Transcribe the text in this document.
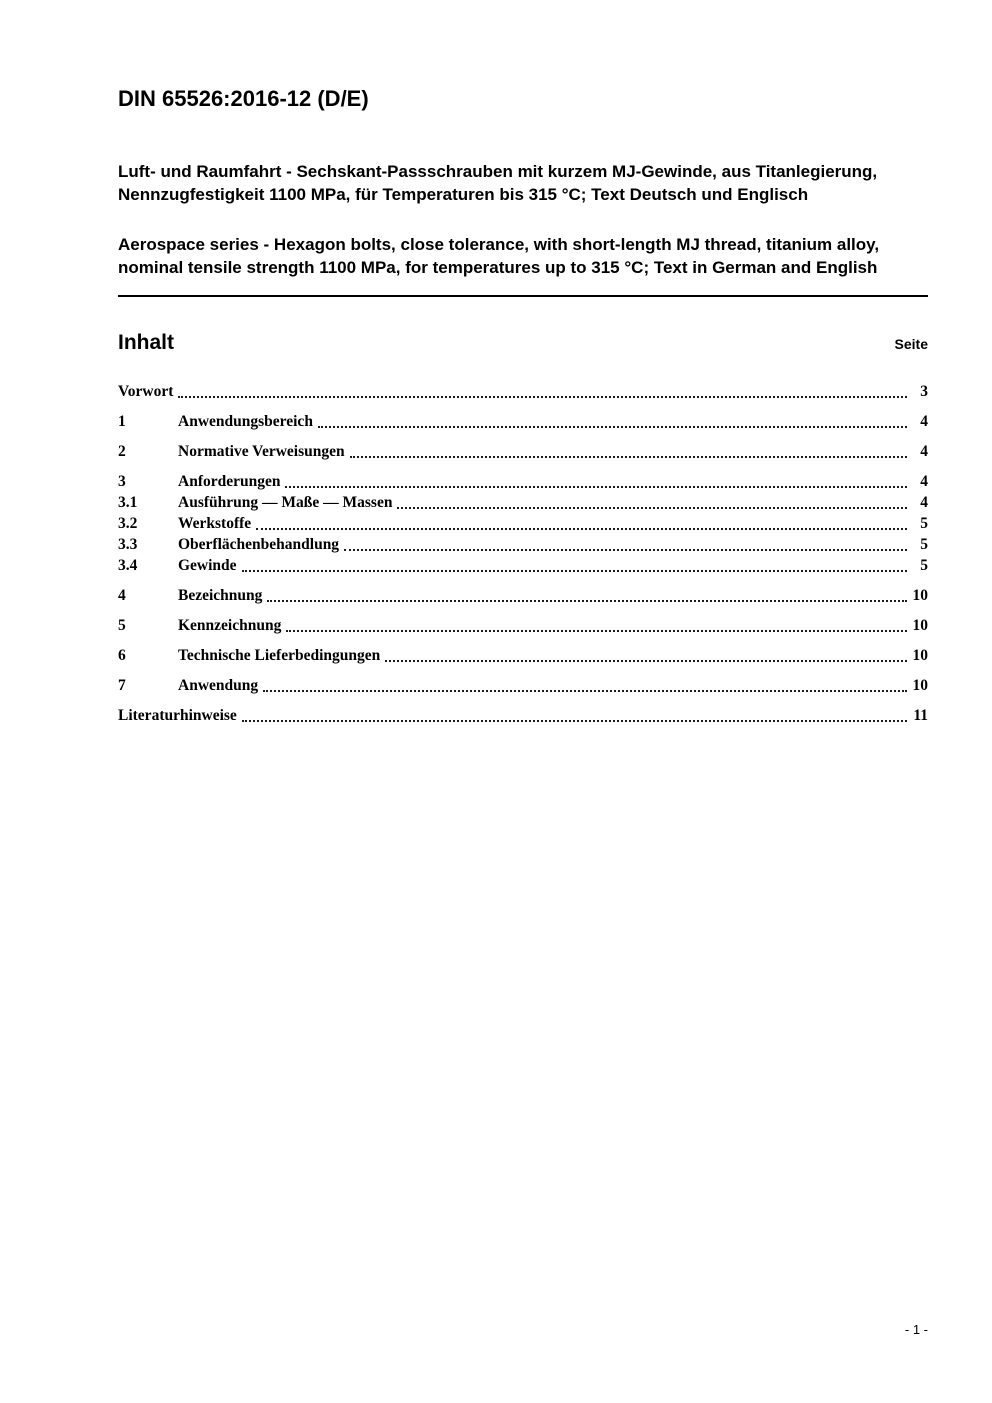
DIN 65526:2016-12 (D/E)

Luft- und Raumfahrt - Sechskant-Passschrauben mit kurzem MJ-Gewinde, aus Titanlegierung, Nennzugfestigkeit 1100 MPa, für Temperaturen bis 315 °C; Text Deutsch und Englisch

Aerospace series - Hexagon bolts, close tolerance, with short-length MJ thread, titanium alloy, nominal tensile strength 1100 MPa, for temperatures up to 315 °C; Text in German and English

Inhalt	Seite
Vorwort	3
1	Anwendungsbereich	4
2	Normative Verweisungen	4
3	Anforderungen	4
3.1	Ausführung — Maße — Massen	4
3.2	Werkstoffe	5
3.3	Oberflächenbehandlung	5
3.4	Gewinde	5
4	Bezeichnung	10
5	Kennzeichnung	10
6	Technische Lieferbedingungen	10
7	Anwendung	10
Literaturhinweise	11
- 1 -
